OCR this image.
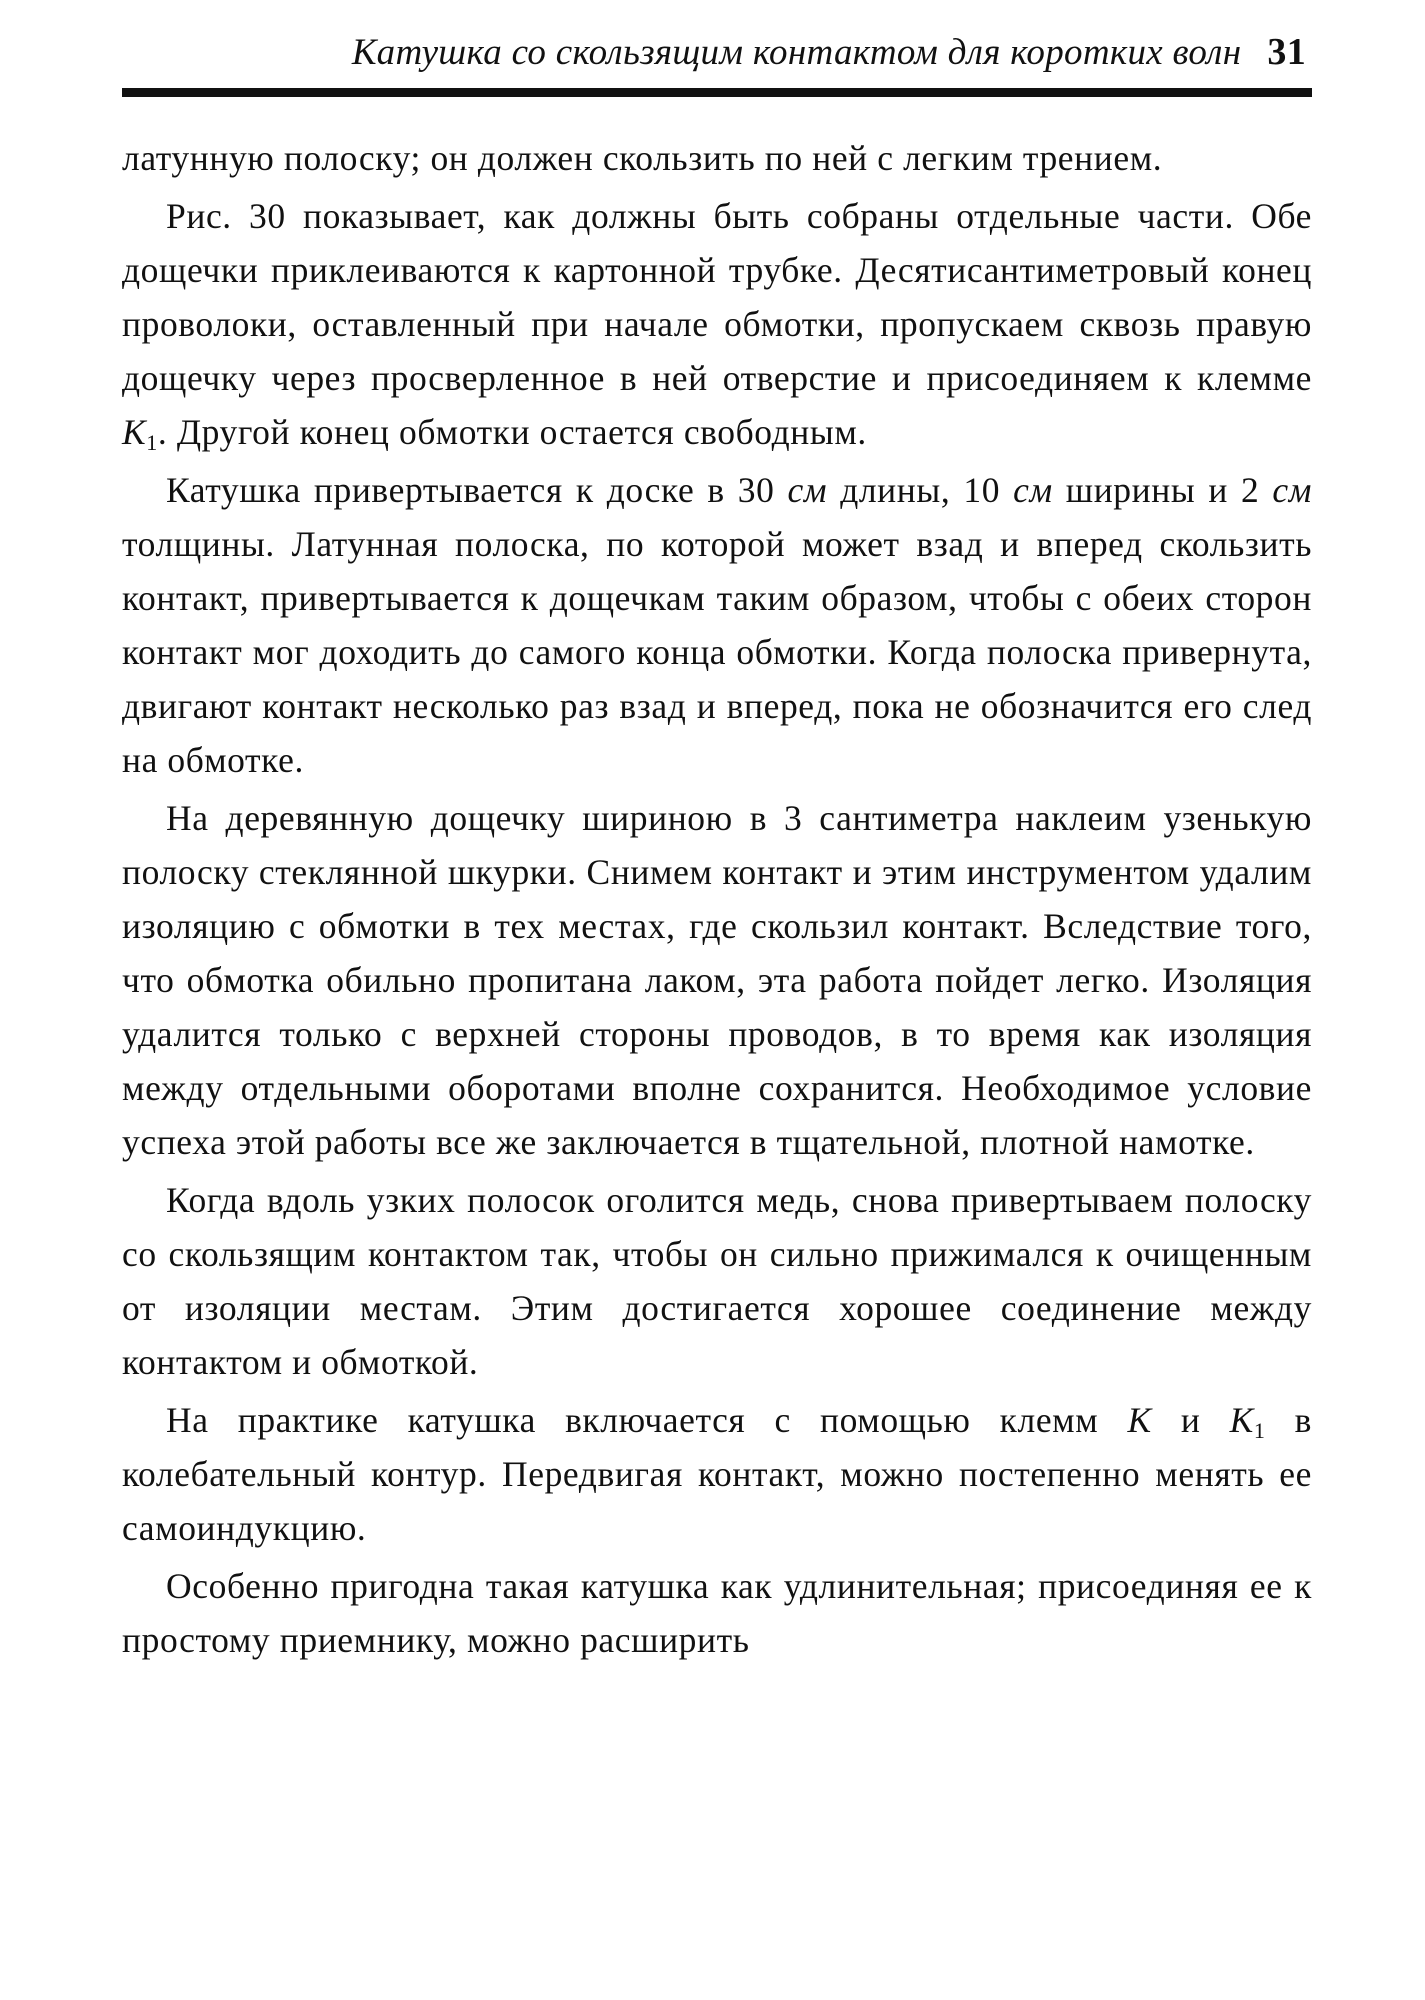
Катушка со скользящим контактом для коротких волн 31

латунную полоску; он должен скользить по ней с легким трением.

Рис. 30 показывает, как должны быть собраны отдельные части. Обе дощечки приклеиваются к картонной трубке. Десятисантиметровый конец проволоки, оставленный при начале обмотки, пропускаем сквозь правую дощечку через просверленное в ней отверстие и присоединяем к клемме $K_1$. Другой конец обмотки остается свободным.

Катушка привертывается к доске в 30 см длины, 10 см ширины и 2 см толщины. Латунная полоска, по которой может взад и вперед скользить контакт, привертывается к дощечкам таким образом, чтобы с обеих сторон контакт мог доходить до самого конца обмотки. Когда полоска привернута, двигают контакт несколько раз взад и вперед, пока не обозначится его след на обмотке.

На деревянную дощечку шириною в 3 сантиметра наклеим узенькую полоску стеклянной шкурки. Снимем контакт и этим инструментом удалим изоляцию с обмотки в тех местах, где скользил контакт. Вследствие того, что обмотка обильно пропитана лаком, эта работа пойдет легко. Изоляция удалится только с верхней стороны проводов, в то время как изоляция между отдельными оборотами вполне сохранится. Необходимое условие успеха этой работы все же заключается в тщательной, плотной намотке.

Когда вдоль узких полосок оголится медь, снова привертываем полоску со скользящим контактом так, чтобы он сильно прижимался к очищенным от изоляции местам. Этим достигается хорошее соединение между контактом и обмоткой.

На практике катушка включается с помощью клемм K и $K_1$ в колебательный контур. Передвигая контакт, можно постепенно менять ее самоиндукцию.

Особенно пригодна такая катушка как удлинительная; присоединяя ее к простому приемнику, можно расширить
